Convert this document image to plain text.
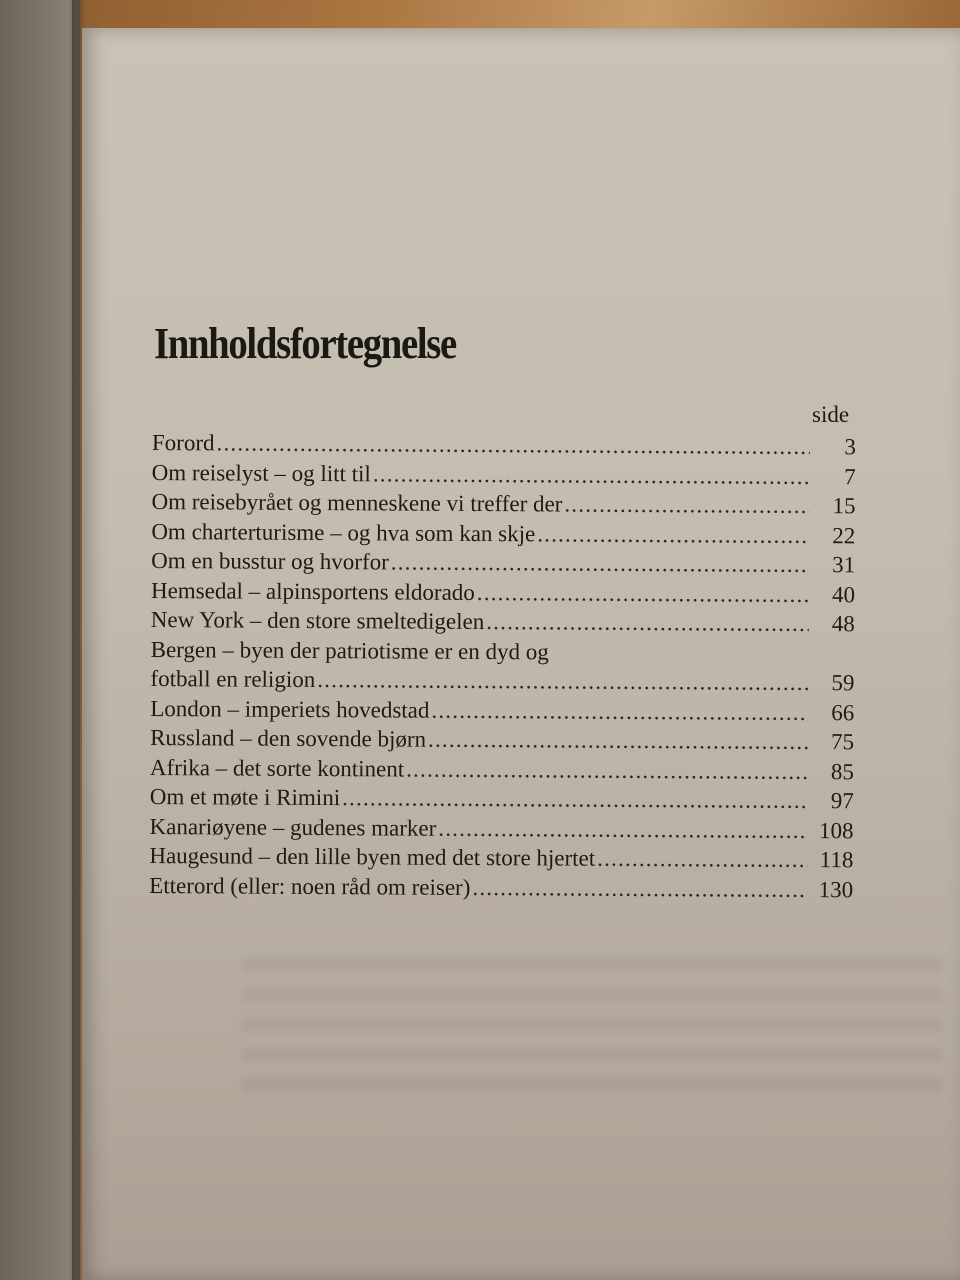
Innholdsfortegnelse
side
Forord .....	3
Om reiselyst – og litt til .....	7
Om reisebyrået og menneskene vi treffer der .....	15
Om charterturisme – og hva som kan skje .....	22
Om en busstur og hvorfor .....	31
Hemsedal – alpinsportens eldorado .....	40
New York – den store smeltedigelen .....	48
Bergen – byen der patriotisme er en dyd og
fotball en religion .....	59
London – imperiets hovedstad .....	66
Russland – den sovende bjørn .....	75
Afrika – det sorte kontinent .....	85
Om et møte i Rimini .....	97
Kanariøyene – gudenes marker .....	108
Haugesund – den lille byen med det store hjertet .....	118
Etterord (eller: noen råd om reiser) .....	130
